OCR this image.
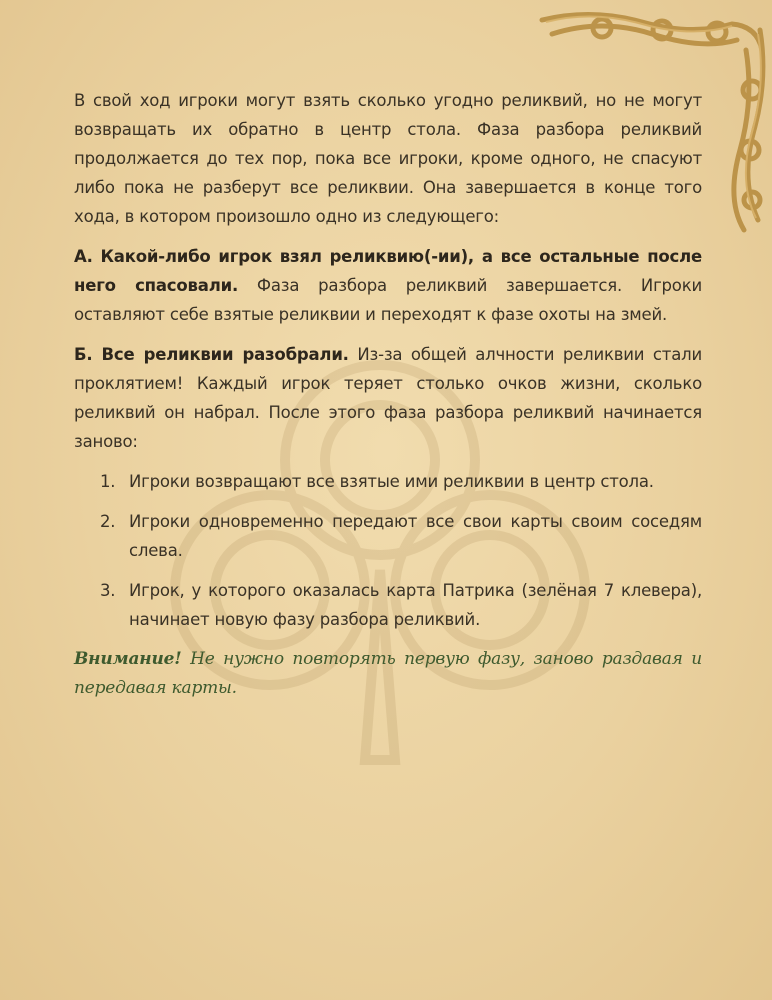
В свой ход игроки могут взять сколько угодно реликвий, но не могут возвращать их обратно в центр стола. Фаза разбора реликвий продолжается до тех пор, пока все игроки, кроме одного, не спасуют либо пока не разберут все реликвии. Она завершается в конце того хода, в котором произошло одно из следующего:

А. Какой-либо игрок взял реликвию(-ии), а все остальные после него спасовали. Фаза разбора реликвий завершается. Игроки оставляют себе взятые реликвии и переходят к фазе охоты на змей.

Б. Все реликвии разобрали. Из-за общей алчности реликвии стали проклятием! Каждый игрок теряет столько очков жизни, сколько реликвий он набрал. После этого фаза разбора реликвий начинается заново:

1. Игроки возвращают все взятые ими реликвии в центр стола.
2. Игроки одновременно передают все свои карты своим соседям слева.
3. Игрок, у которого оказалась карта Патрика (зелёная 7 клевера), начинает новую фазу разбора реликвий.

Внимание! Не нужно повторять первую фазу, заново раздавая и передавая карты.
